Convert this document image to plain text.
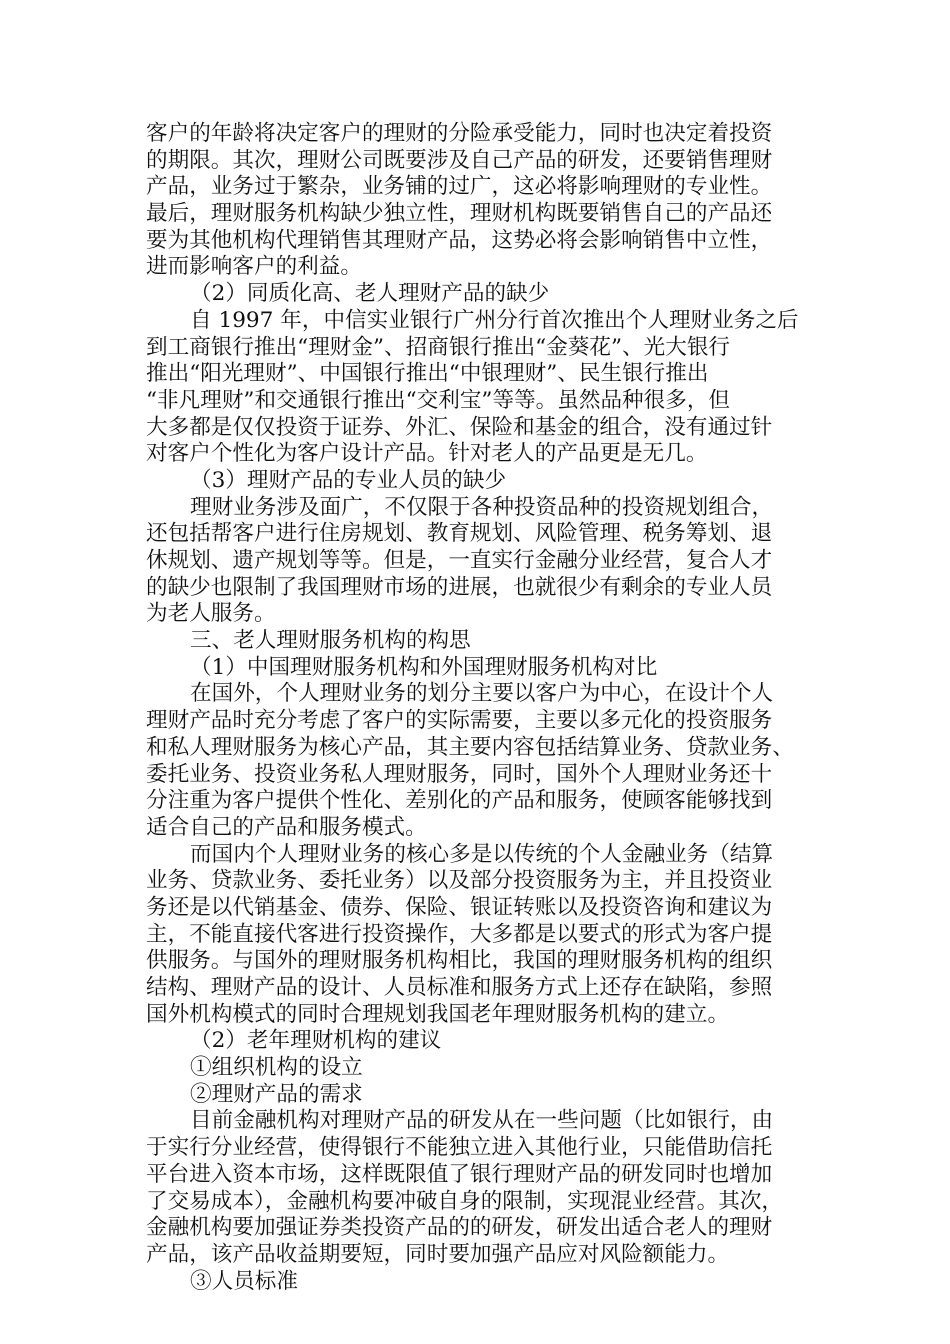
客户的年龄将决定客户的理财的分险承受能力，同时也决定着投资
的期限。其次，理财公司既要涉及自己产品的研发，还要销售理财
产品，业务过于繁杂，业务铺的过广，这必将影响理财的专业性。
最后，理财服务机构缺少独立性，理财机构既要销售自己的产品还
要为其他机构代理销售其理财产品，这势必将会影响销售中立性，
进而影响客户的利益。
（2）同质化高、老人理财产品的缺少
自 1997 年，中信实业银行广州分行首次推出个人理财业务之后
到工商银行推出“理财金”、招商银行推出“金葵花”、光大银行
推出“阳光理财”、中国银行推出“中银理财”、民生银行推出
“非凡理财”和交通银行推出“交利宝”等等。虽然品种很多，但
大多都是仅仅投资于证券、外汇、保险和基金的组合，没有通过针
对客户个性化为客户设计产品。针对老人的产品更是无几。
（3）理财产品的专业人员的缺少
理财业务涉及面广，不仅限于各种投资品种的投资规划组合，
还包括帮客户进行住房规划、教育规划、风险管理、税务筹划、退
休规划、遗产规划等等。但是，一直实行金融分业经营，复合人才
的缺少也限制了我国理财市场的进展，也就很少有剩余的专业人员
为老人服务。
三、老人理财服务机构的构思
（1）中国理财服务机构和外国理财服务机构对比
在国外，个人理财业务的划分主要以客户为中心，在设计个人
理财产品时充分考虑了客户的实际需要，主要以多元化的投资服务
和私人理财服务为核心产品，其主要内容包括结算业务、贷款业务、
委托业务、投资业务私人理财服务，同时，国外个人理财业务还十
分注重为客户提供个性化、差别化的产品和服务，使顾客能够找到
适合自己的产品和服务模式。
而国内个人理财业务的核心多是以传统的个人金融业务（结算
业务、贷款业务、委托业务）以及部分投资服务为主，并且投资业
务还是以代销基金、债券、保险、银证转账以及投资咨询和建议为
主，不能直接代客进行投资操作，大多都是以要式的形式为客户提
供服务。与国外的理财服务机构相比，我国的理财服务机构的组织
结构、理财产品的设计、人员标准和服务方式上还存在缺陷，参照
国外机构模式的同时合理规划我国老年理财服务机构的建立。
（2）老年理财机构的建议
①组织机构的设立
②理财产品的需求
目前金融机构对理财产品的研发从在一些问题（比如银行，由
于实行分业经营，使得银行不能独立进入其他行业，只能借助信托
平台进入资本市场，这样既限值了银行理财产品的研发同时也增加
了交易成本），金融机构要冲破自身的限制，实现混业经营。其次，
金融机构要加强证券类投资产品的的研发，研发出适合老人的理财
产品，该产品收益期要短，同时要加强产品应对风险额能力。
③人员标准
